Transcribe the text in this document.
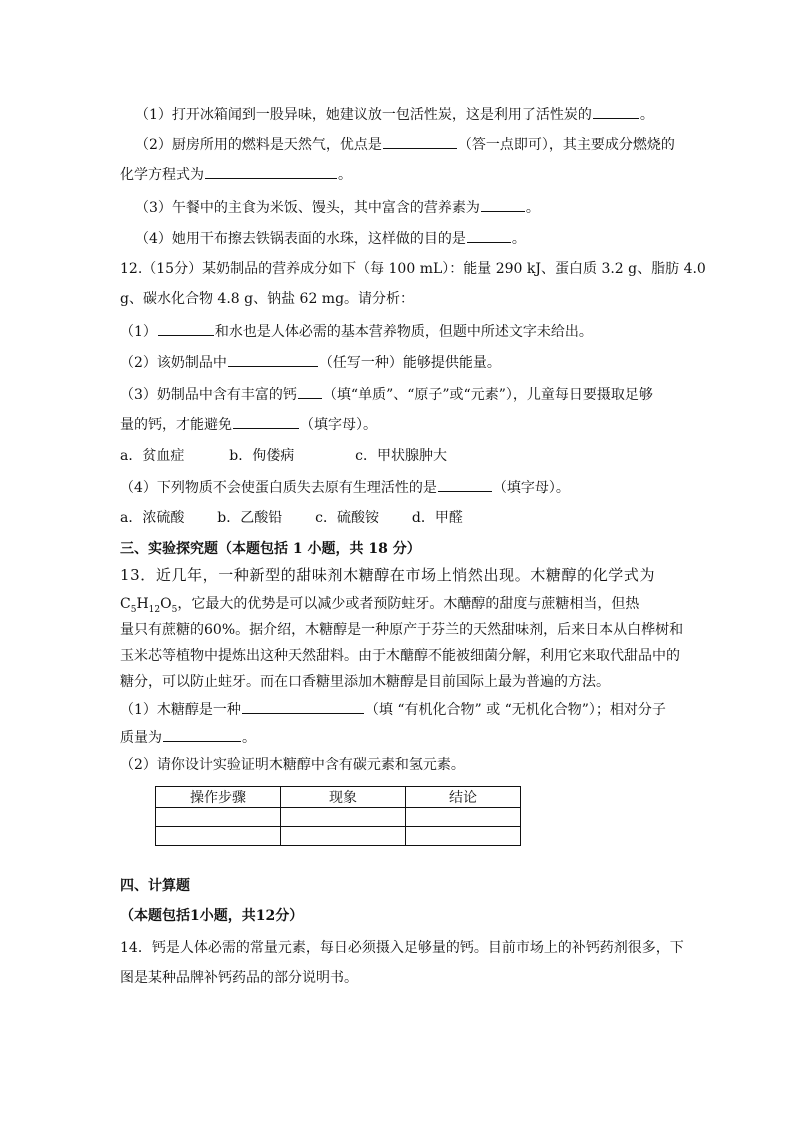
（1）打开冰箱闻到一股异味，她建议放一包活性炭，这是利用了活性炭的	。
（2）厨房所用的燃料是天然气，优点是	（答一点即可），其主要成分燃烧的
化学方程式为	。
（3）午餐中的主食为米饭、馒头，其中富含的营养素为	。
（4）她用干布擦去铁锅表面的水珠，这样做的目的是	。
12.（15分）某奶制品的营养成分如下（每 100 mL）：能量 290 kJ、蛋白质 3.2 g、脂肪 4.0
g、碳水化合物 4.8 g、钠盐 62 mg。请分析：
（1）	和水也是人体必需的基本营养物质，但题中所述文字未给出。
（2）该奶制品中	（任写一种）能够提供能量。
（3）奶制品中含有丰富的钙 （填“单质”、“原子”或“元素”），儿童每日要摄取足够
量的钙，才能避免	（填字母）。
a．贫血症	b．佝偻病	c．甲状腺肿大
（4）下列物质不会使蛋白质失去原有生理活性的是	（填字母）。
a．浓硫酸 b．乙酸铅 c．硫酸铵 d．甲醛
三、实验探究题（本题包括 1 小题，共 18 分）
13．近几年，一种新型的甜味剂木糖醇在市场上悄然出现。木糖醇的化学式为
$C_5H_{12}O_5$，它最大的优势是可以减少或者预防蛀牙。木醣醇的甜度与蔗糖相当，但热
量只有蔗糖的60%。据介绍，木糖醇是一种原产于芬兰的天然甜味剂，后来日本从白桦树和
玉米芯等植物中提炼出这种天然甜料。由于木醣醇不能被细菌分解，利用它来取代甜品中的
糖分，可以防止蛀牙。而在口香糖里添加木糖醇是目前国际上最为普遍的方法。
（1）木糖醇是一种	（填 “有机化合物” 或 “无机化合物”）；相对分子
质量为	。
（2）请你设计实验证明木糖醇中含有碳元素和氢元素。
操作步骤	现象	结论

四、计算题
（本题包括1小题，共12分）
14．钙是人体必需的常量元素，每日必须摄入足够量的钙。目前市场上的补钙药剂很多，下
图是某种品牌补钙药品的部分说明书。
